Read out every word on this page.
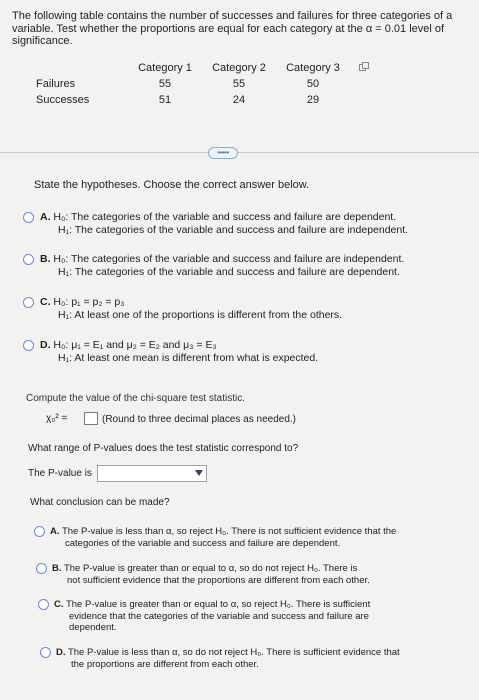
The following table contains the number of successes and failures for three categories of a variable. Test whether the proportions are equal for each category at the α = 0.01 level of significance.
	Category 1	Category 2	Category 3
Failures	55	55	50
Successes	51	24	29
•••••
State the hypotheses. Choose the correct answer below.
A. H₀: The categories of the variable and success and failure are dependent.
H₁: The categories of the variable and success and failure are independent.
B. H₀: The categories of the variable and success and failure are independent.
H₁: The categories of the variable and success and failure are dependent.
C. H₀: p₁ = p₂ = p₃
H₁: At least one of the proportions is different from the others.
D. H₀: μ₁ = E₁ and μ₂ = E₂ and μ₃ = E₃
H₁: At least one mean is different from what is expected.
Compute the value of the chi-square test statistic.
χ₀² =	(Round to three decimal places as needed.)
What range of P-values does the test statistic correspond to?
The P-value is
What conclusion can be made?
A. The P-value is less than α, so reject H₀. There is not sufficient evidence that the
categories of the variable and success and failure are dependent.
B. The P-value is greater than or equal to α, so do not reject H₀. There is
not sufficient evidence that the proportions are different from each other.
C. The P-value is greater than or equal to α, so reject H₀. There is sufficient
evidence that the categories of the variable and success and failure are
dependent.
D. The P-value is less than α, so do not reject H₀. There is sufficient evidence that
the proportions are different from each other.
